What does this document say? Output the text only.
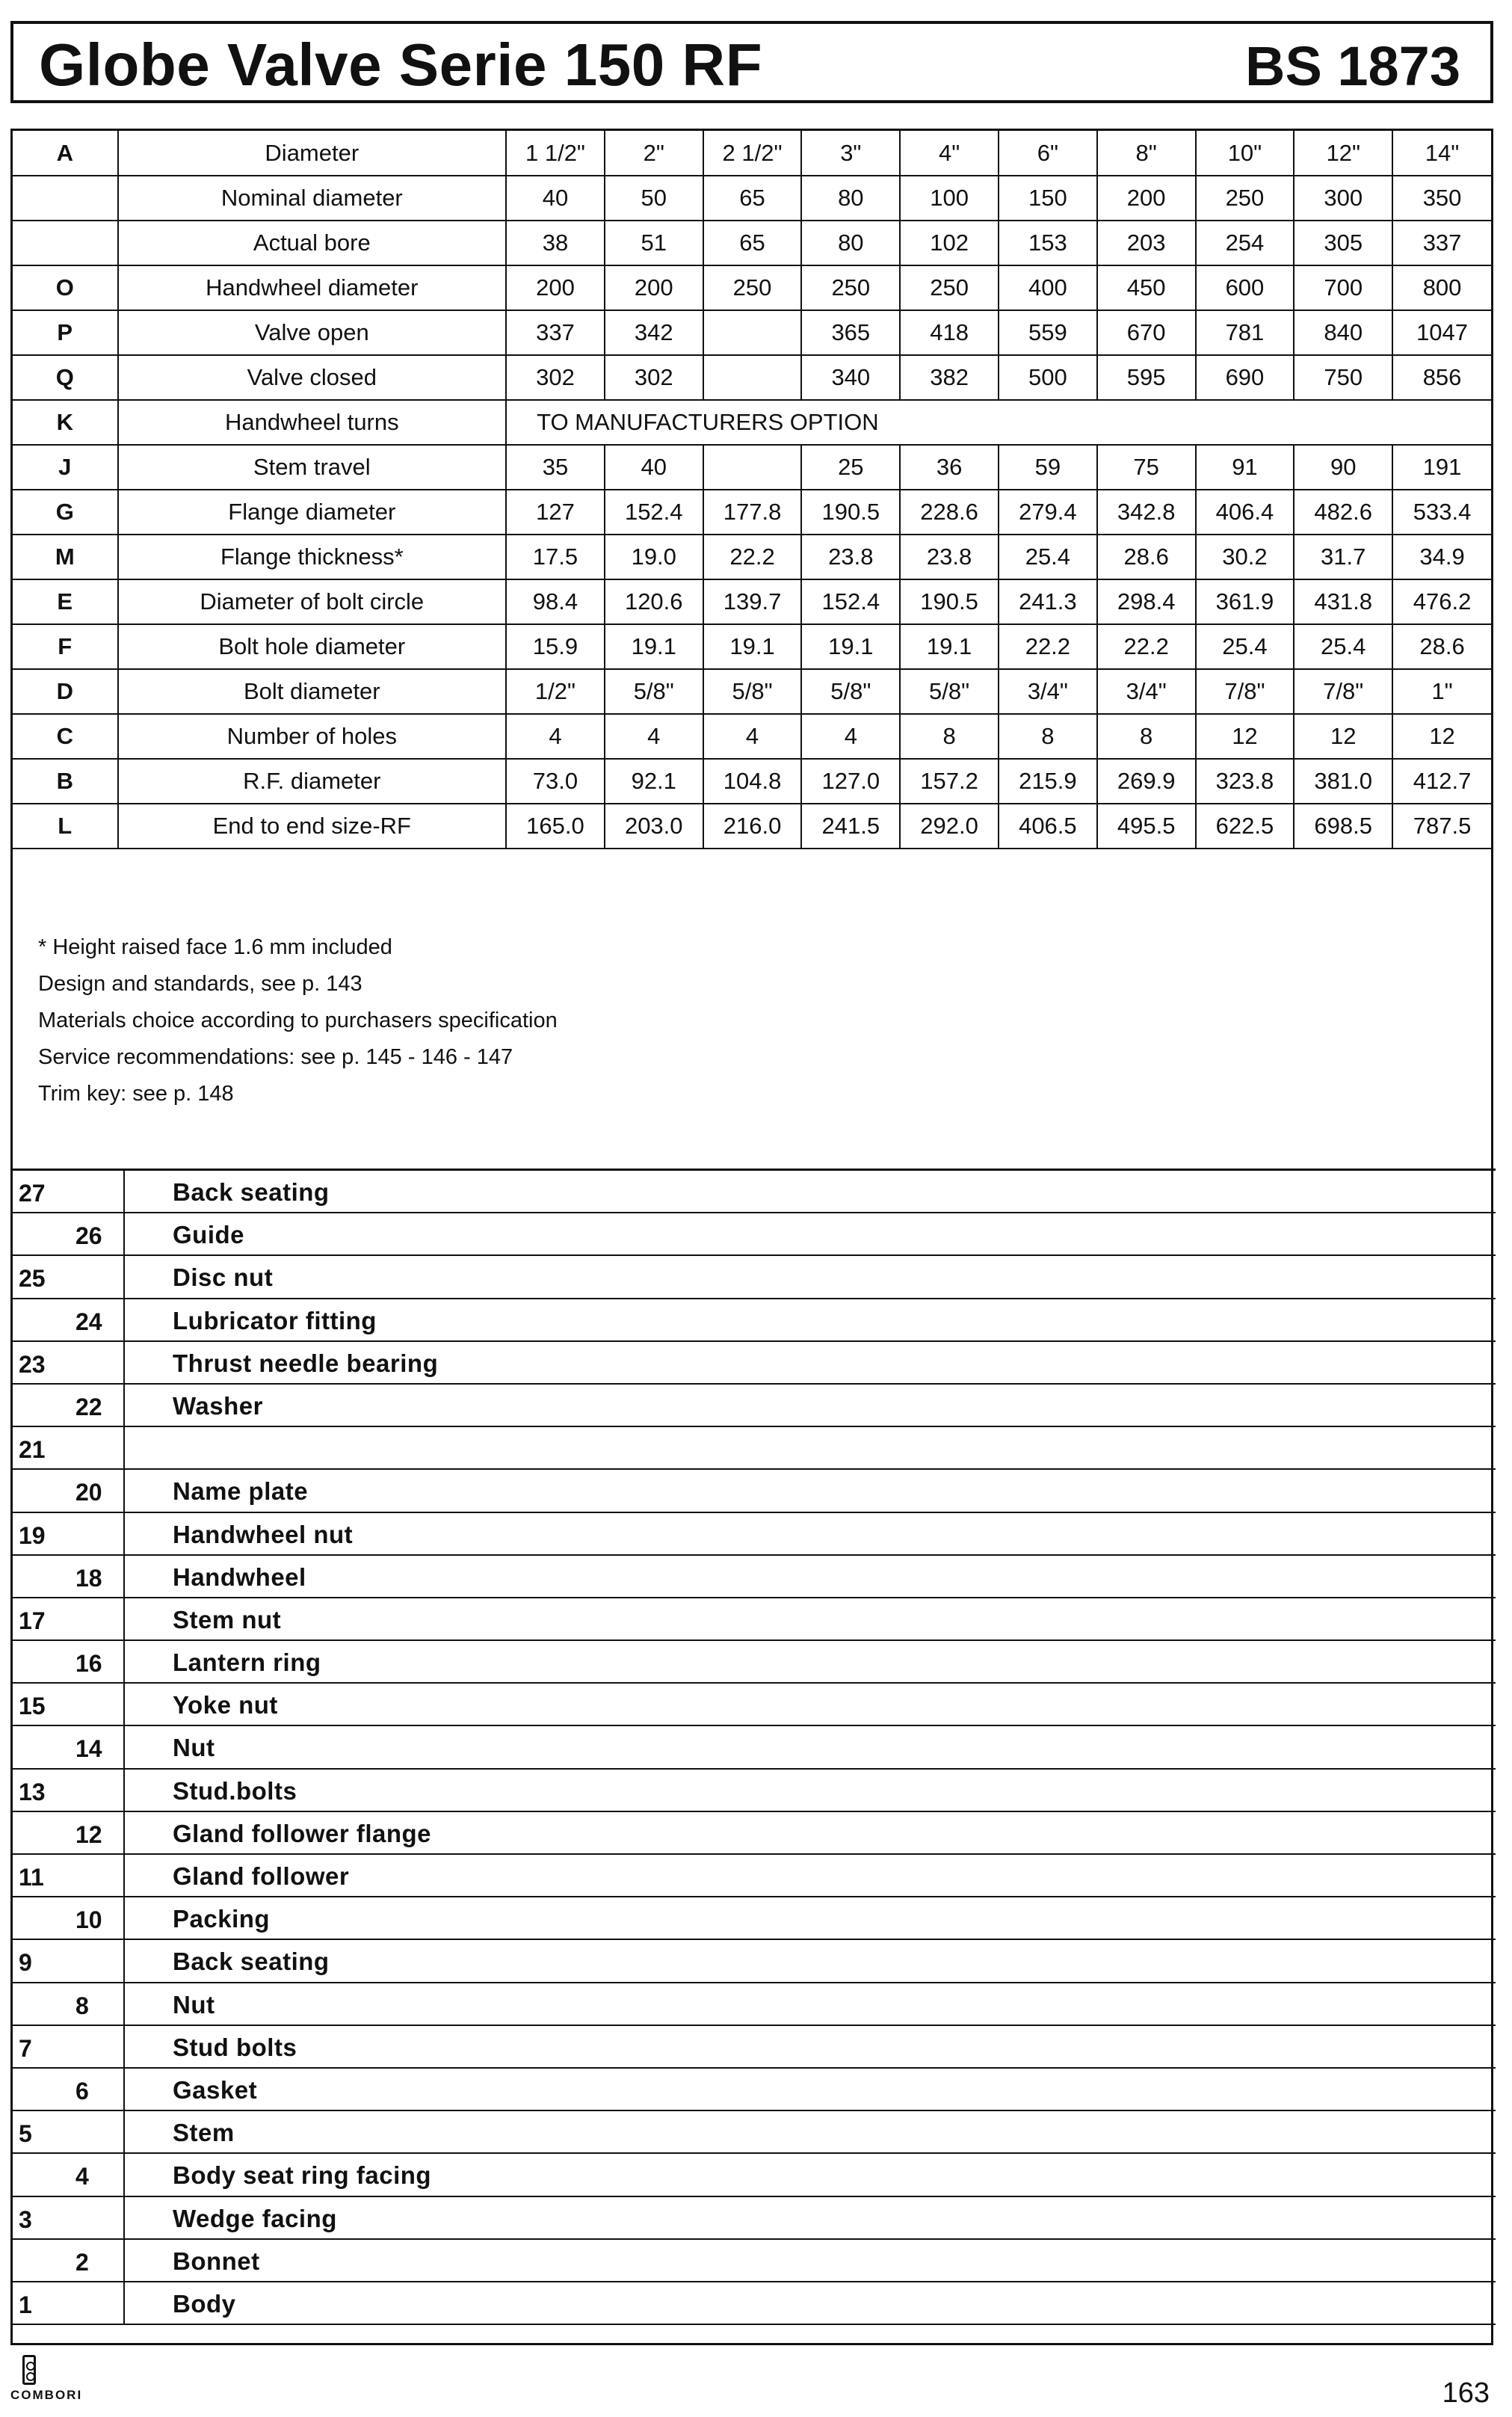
Globe Valve Serie 150 RF	BS 1873
A	Diameter	1 1/2"	2"	2 1/2"	3"	4"	6"	8"	10"	12"	14"
	Nominal diameter	40	50	65	80	100	150	200	250	300	350
	Actual bore	38	51	65	80	102	153	203	254	305	337
O	Handwheel diameter	200	200	250	250	250	400	450	600	700	800
P	Valve open	337	342		365	418	559	670	781	840	1047
Q	Valve closed	302	302		340	382	500	595	690	750	856
K	Handwheel turns	TO MANUFACTURERS OPTION									
J	Stem travel	35	40		25	36	59	75	91	90	191
G	Flange diameter	127	152.4	177.8	190.5	228.6	279.4	342.8	406.4	482.6	533.4
M	Flange thickness*	17.5	19.0	22.2	23.8	23.8	25.4	28.6	30.2	31.7	34.9
E	Diameter of bolt circle	98.4	120.6	139.7	152.4	190.5	241.3	298.4	361.9	431.8	476.2
F	Bolt hole diameter	15.9	19.1	19.1	19.1	19.1	22.2	22.2	25.4	25.4	28.6
D	Bolt diameter	1/2"	5/8"	5/8"	5/8"	5/8"	3/4"	3/4"	7/8"	7/8"	1"
C	Number of holes	4	4	4	4	8	8	8	12	12	12
B	R.F. diameter	73.0	92.1	104.8	127.0	157.2	215.9	269.9	323.8	381.0	412.7
L	End to end size-RF	165.0	203.0	216.0	241.5	292.0	406.5	495.5	622.5	698.5	787.5
* Height raised face 1.6 mm included
Design and standards, see p. 143
Materials choice according to purchasers specification
Service recommendations: see p. 145 - 146 - 147
Trim key: see p. 148
27	Back seating
26	Guide
25	Disc nut
24	Lubricator fitting
23	Thrust needle bearing
22	Washer
21
20	Name plate
19	Handwheel nut
18	Handwheel
17	Stem nut
16	Lantern ring
15	Yoke nut
14	Nut
13	Stud.bolts
12	Gland follower flange
11	Gland follower
10	Packing
9	Back seating
8	Nut
7	Stud bolts
6	Gasket
5	Stem
4	Body seat ring facing
3	Wedge facing
2	Bonnet
1	Body
COMBORI	163
